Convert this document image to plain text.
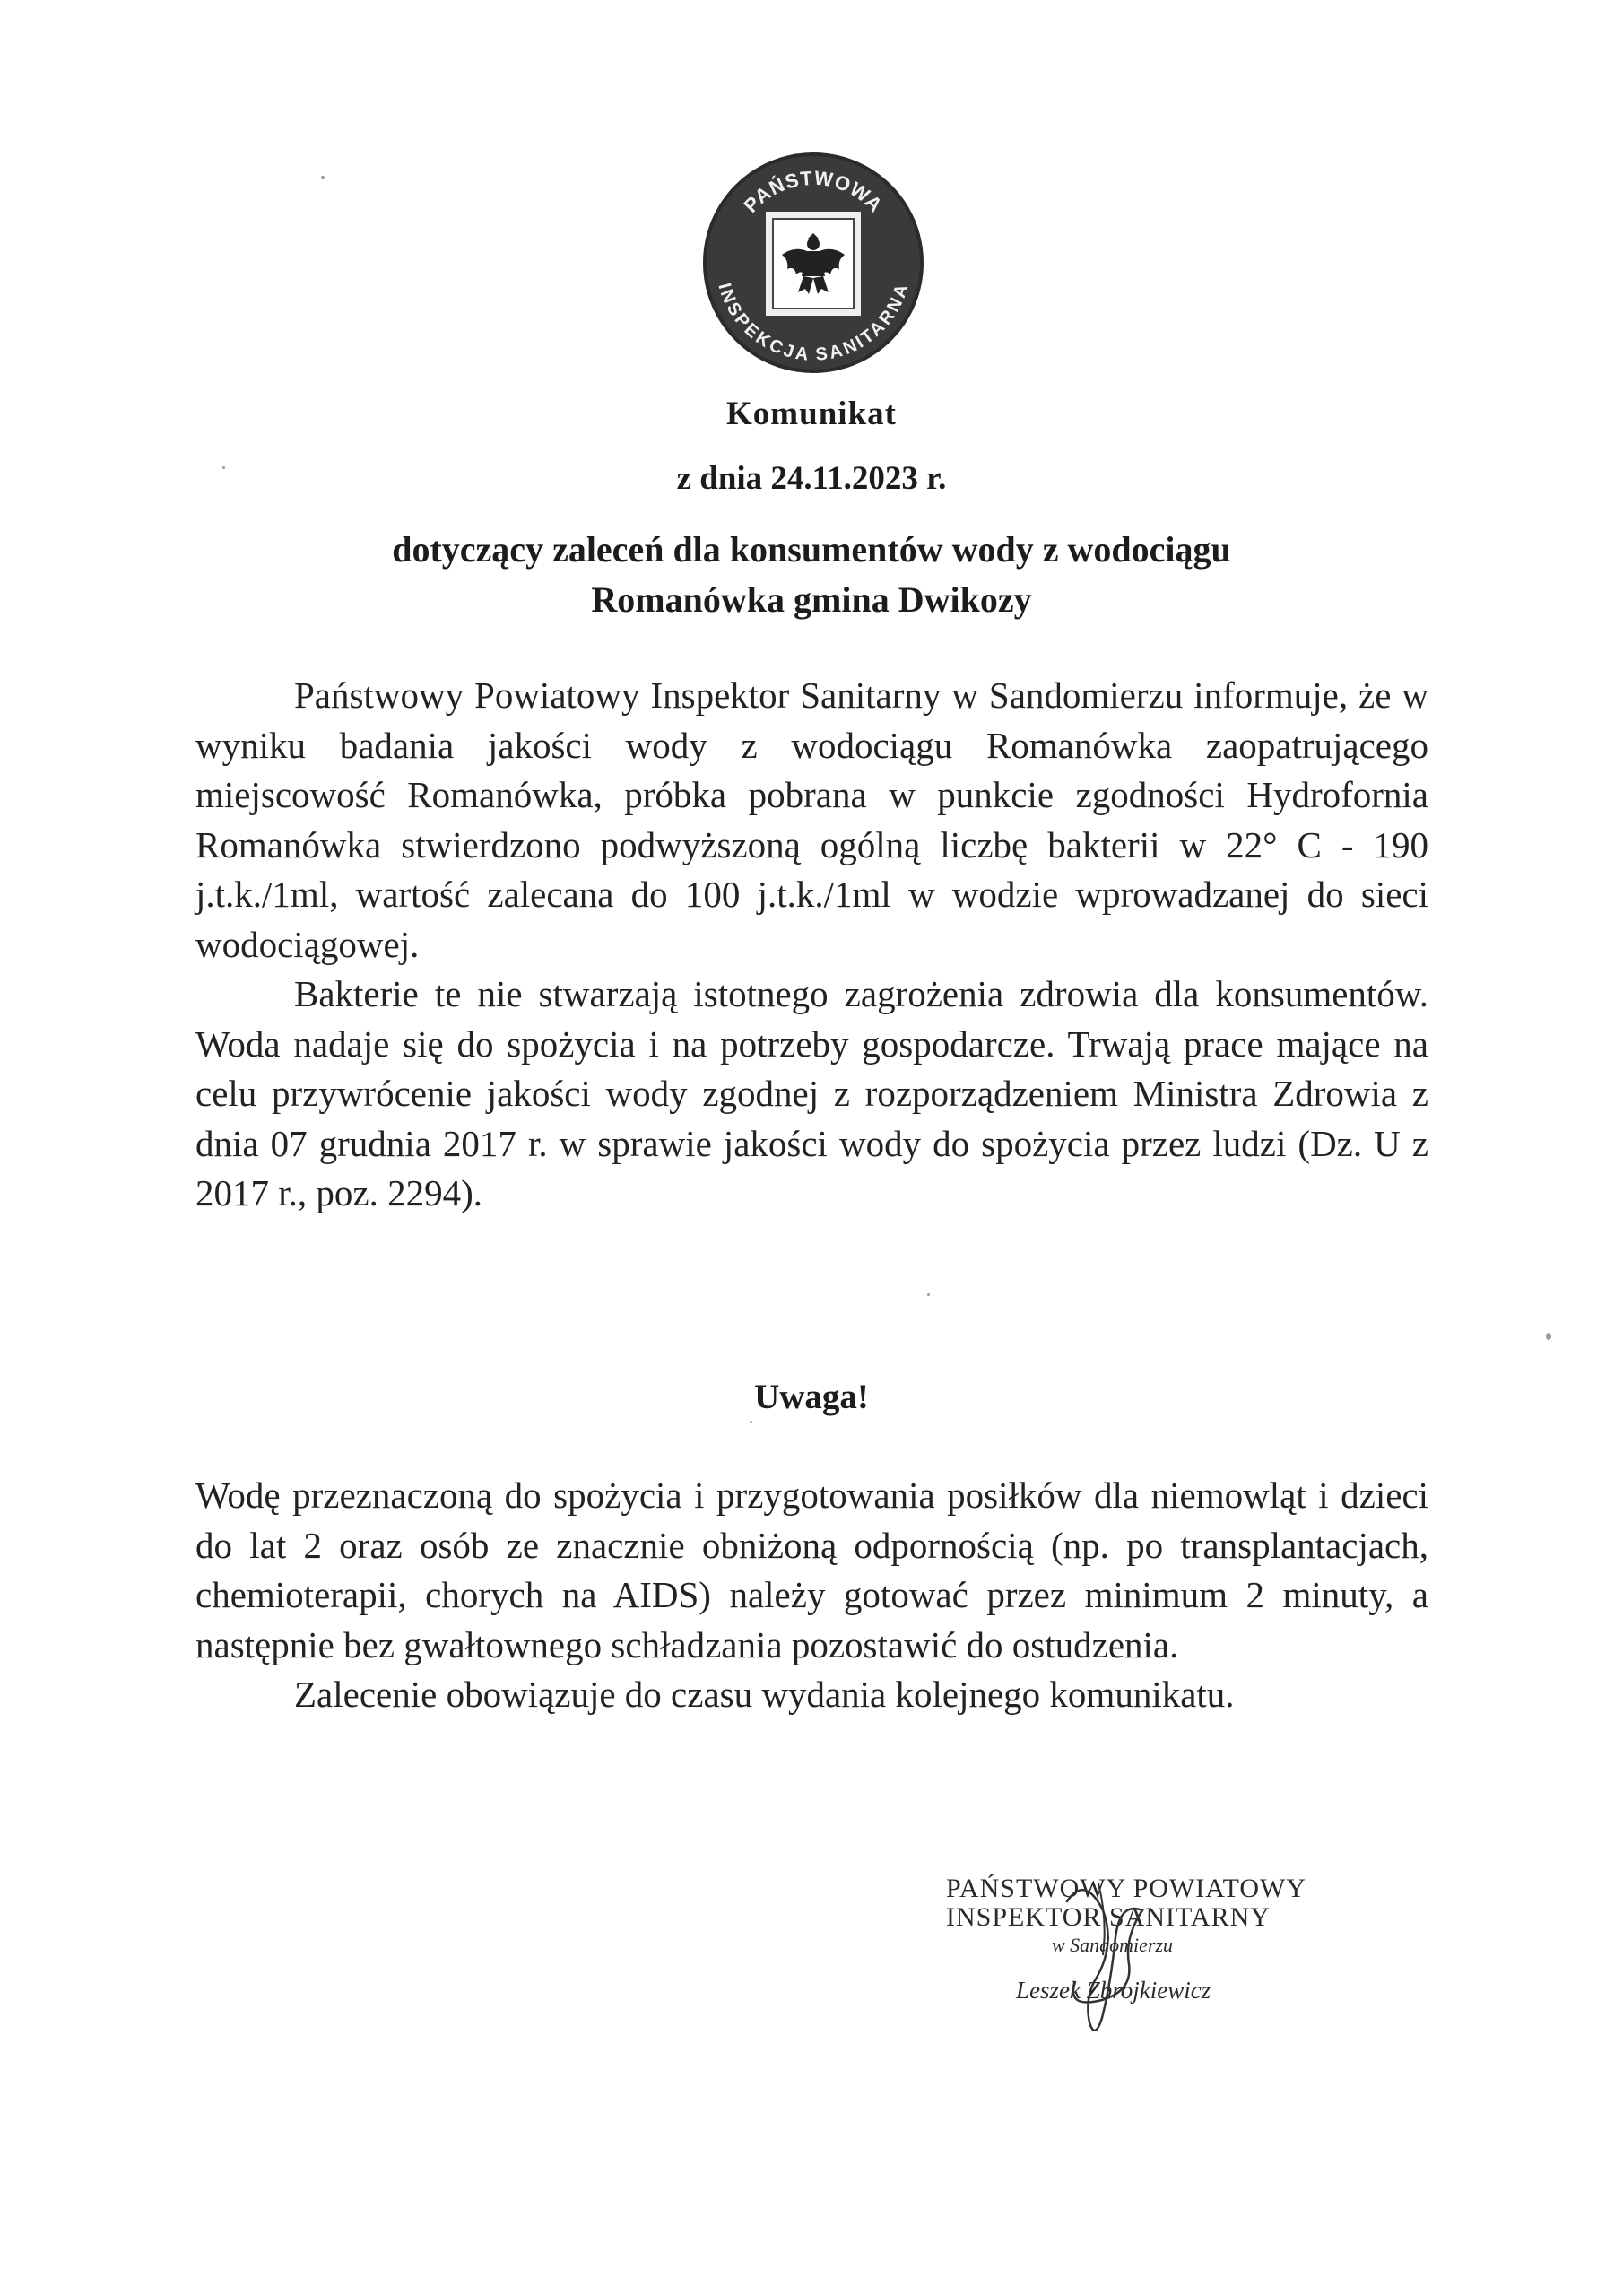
PAŃSTWOWA
INSPEKCJA SANITARNA
Komunikat
z dnia 24.11.2023 r.
dotyczący zaleceń dla konsumentów wody z wodociągu
Romanówka gmina Dwikozy

Państwowy Powiatowy Inspektor Sanitarny w Sandomierzu informuje, że w wyniku badania jakości wody z wodociągu Romanówka zaopatrującego miejscowość Romanówka, próbka pobrana w punkcie zgodności Hydrofornia Romanówka stwierdzono podwyższoną ogólną liczbę bakterii w 22° C - 190 j.t.k./1ml, wartość zalecana do 100 j.t.k./1ml w wodzie wprowadzanej do sieci wodociągowej.

Bakterie te nie stwarzają istotnego zagrożenia zdrowia dla konsumentów. Woda nadaje się do spożycia i na potrzeby gospodarcze. Trwają prace mające na celu przywrócenie jakości wody zgodnej z rozporządzeniem Ministra Zdrowia z dnia 07 grudnia 2017 r. w sprawie jakości wody do spożycia przez ludzi (Dz. U z 2017 r., poz. 2294).

Uwaga!

Wodę przeznaczoną do spożycia i przygotowania posiłków dla niemowląt i dzieci do lat 2 oraz osób ze znacznie obniżoną odpornością (np. po transplantacjach, chemioterapii, chorych na AIDS) należy gotować przez minimum 2 minuty, a następnie bez gwałtownego schładzania pozostawić do ostudzenia.

Zalecenie obowiązuje do czasu wydania kolejnego komunikatu.

PAŃSTWOWY POWIATOWY
INSPEKTOR SANITARNY
w Sandomierzu
Leszek Zbrojkiewicz
